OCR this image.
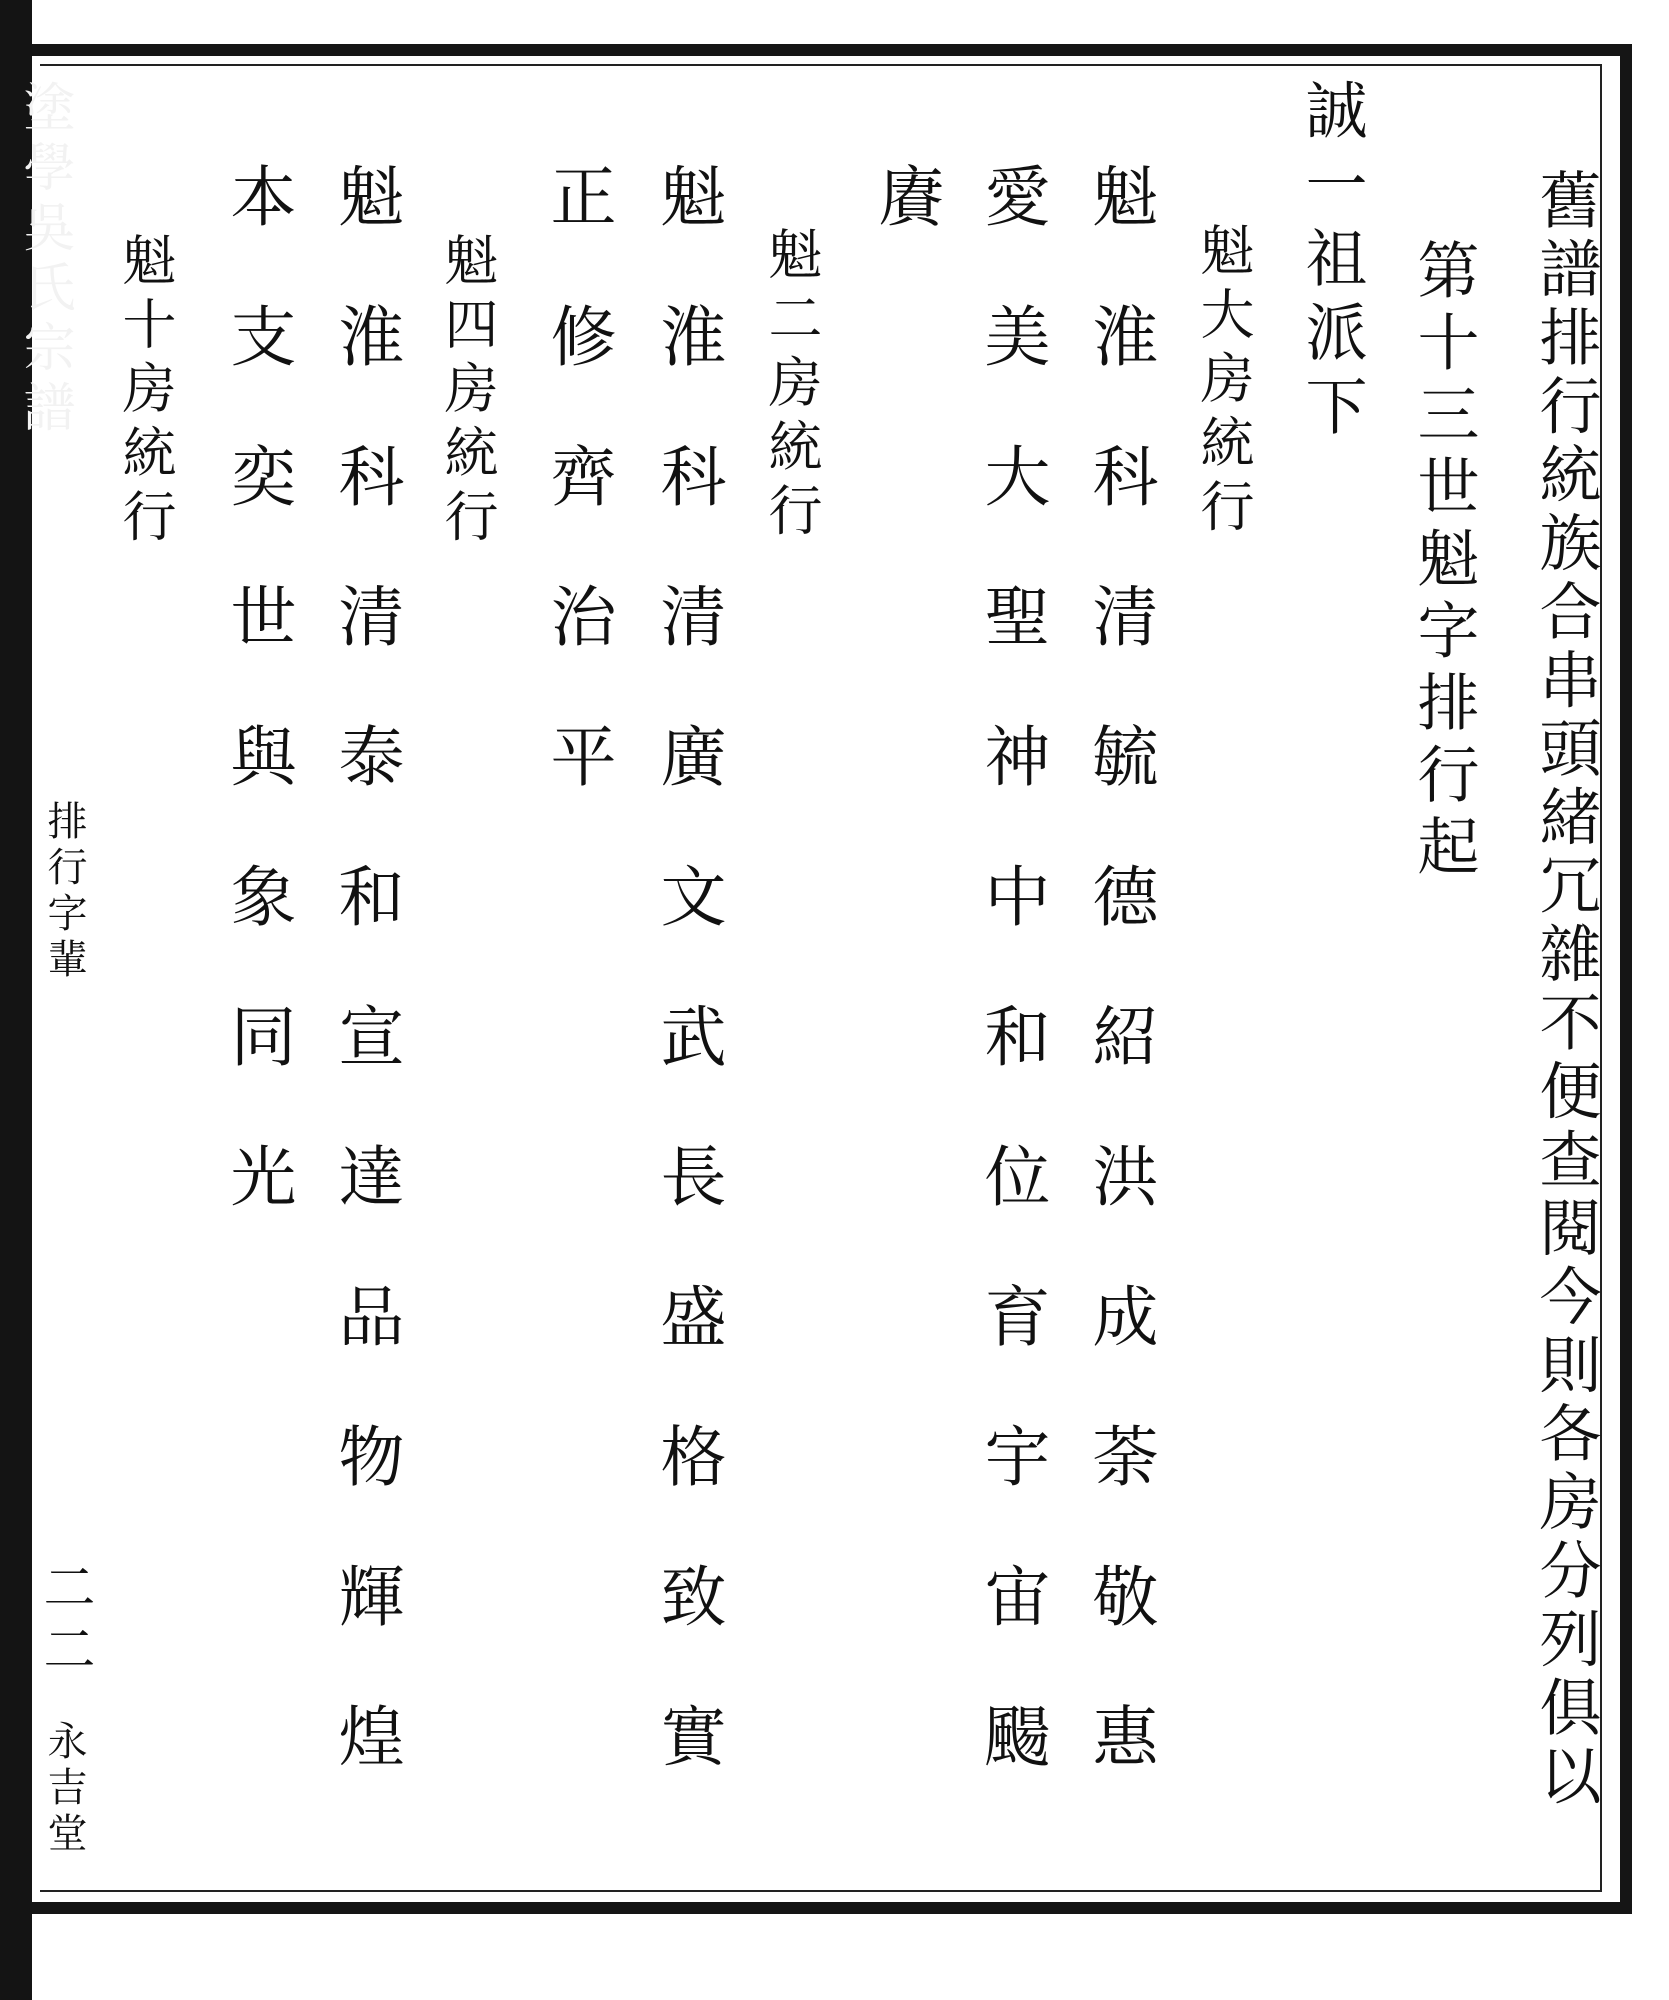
舊譜排行統族合串頭緒冗雜不便查閱今則各房分列俱以
第十三世魁字排行起
誠一祖派下
魁大房統行
魁淮科清毓德紹洪成荼敬惠
愛美大聖神中和位育宇宙颺
賡
魁二房統行
魁淮科清廣文武長盛格致實
正修齊治平
魁四房統行
魁淮科清泰和宣達品物輝煌
本支奕世與象同光
魁十房統行
塗學吳氏宗譜
排行字輩
二二
永吉堂
